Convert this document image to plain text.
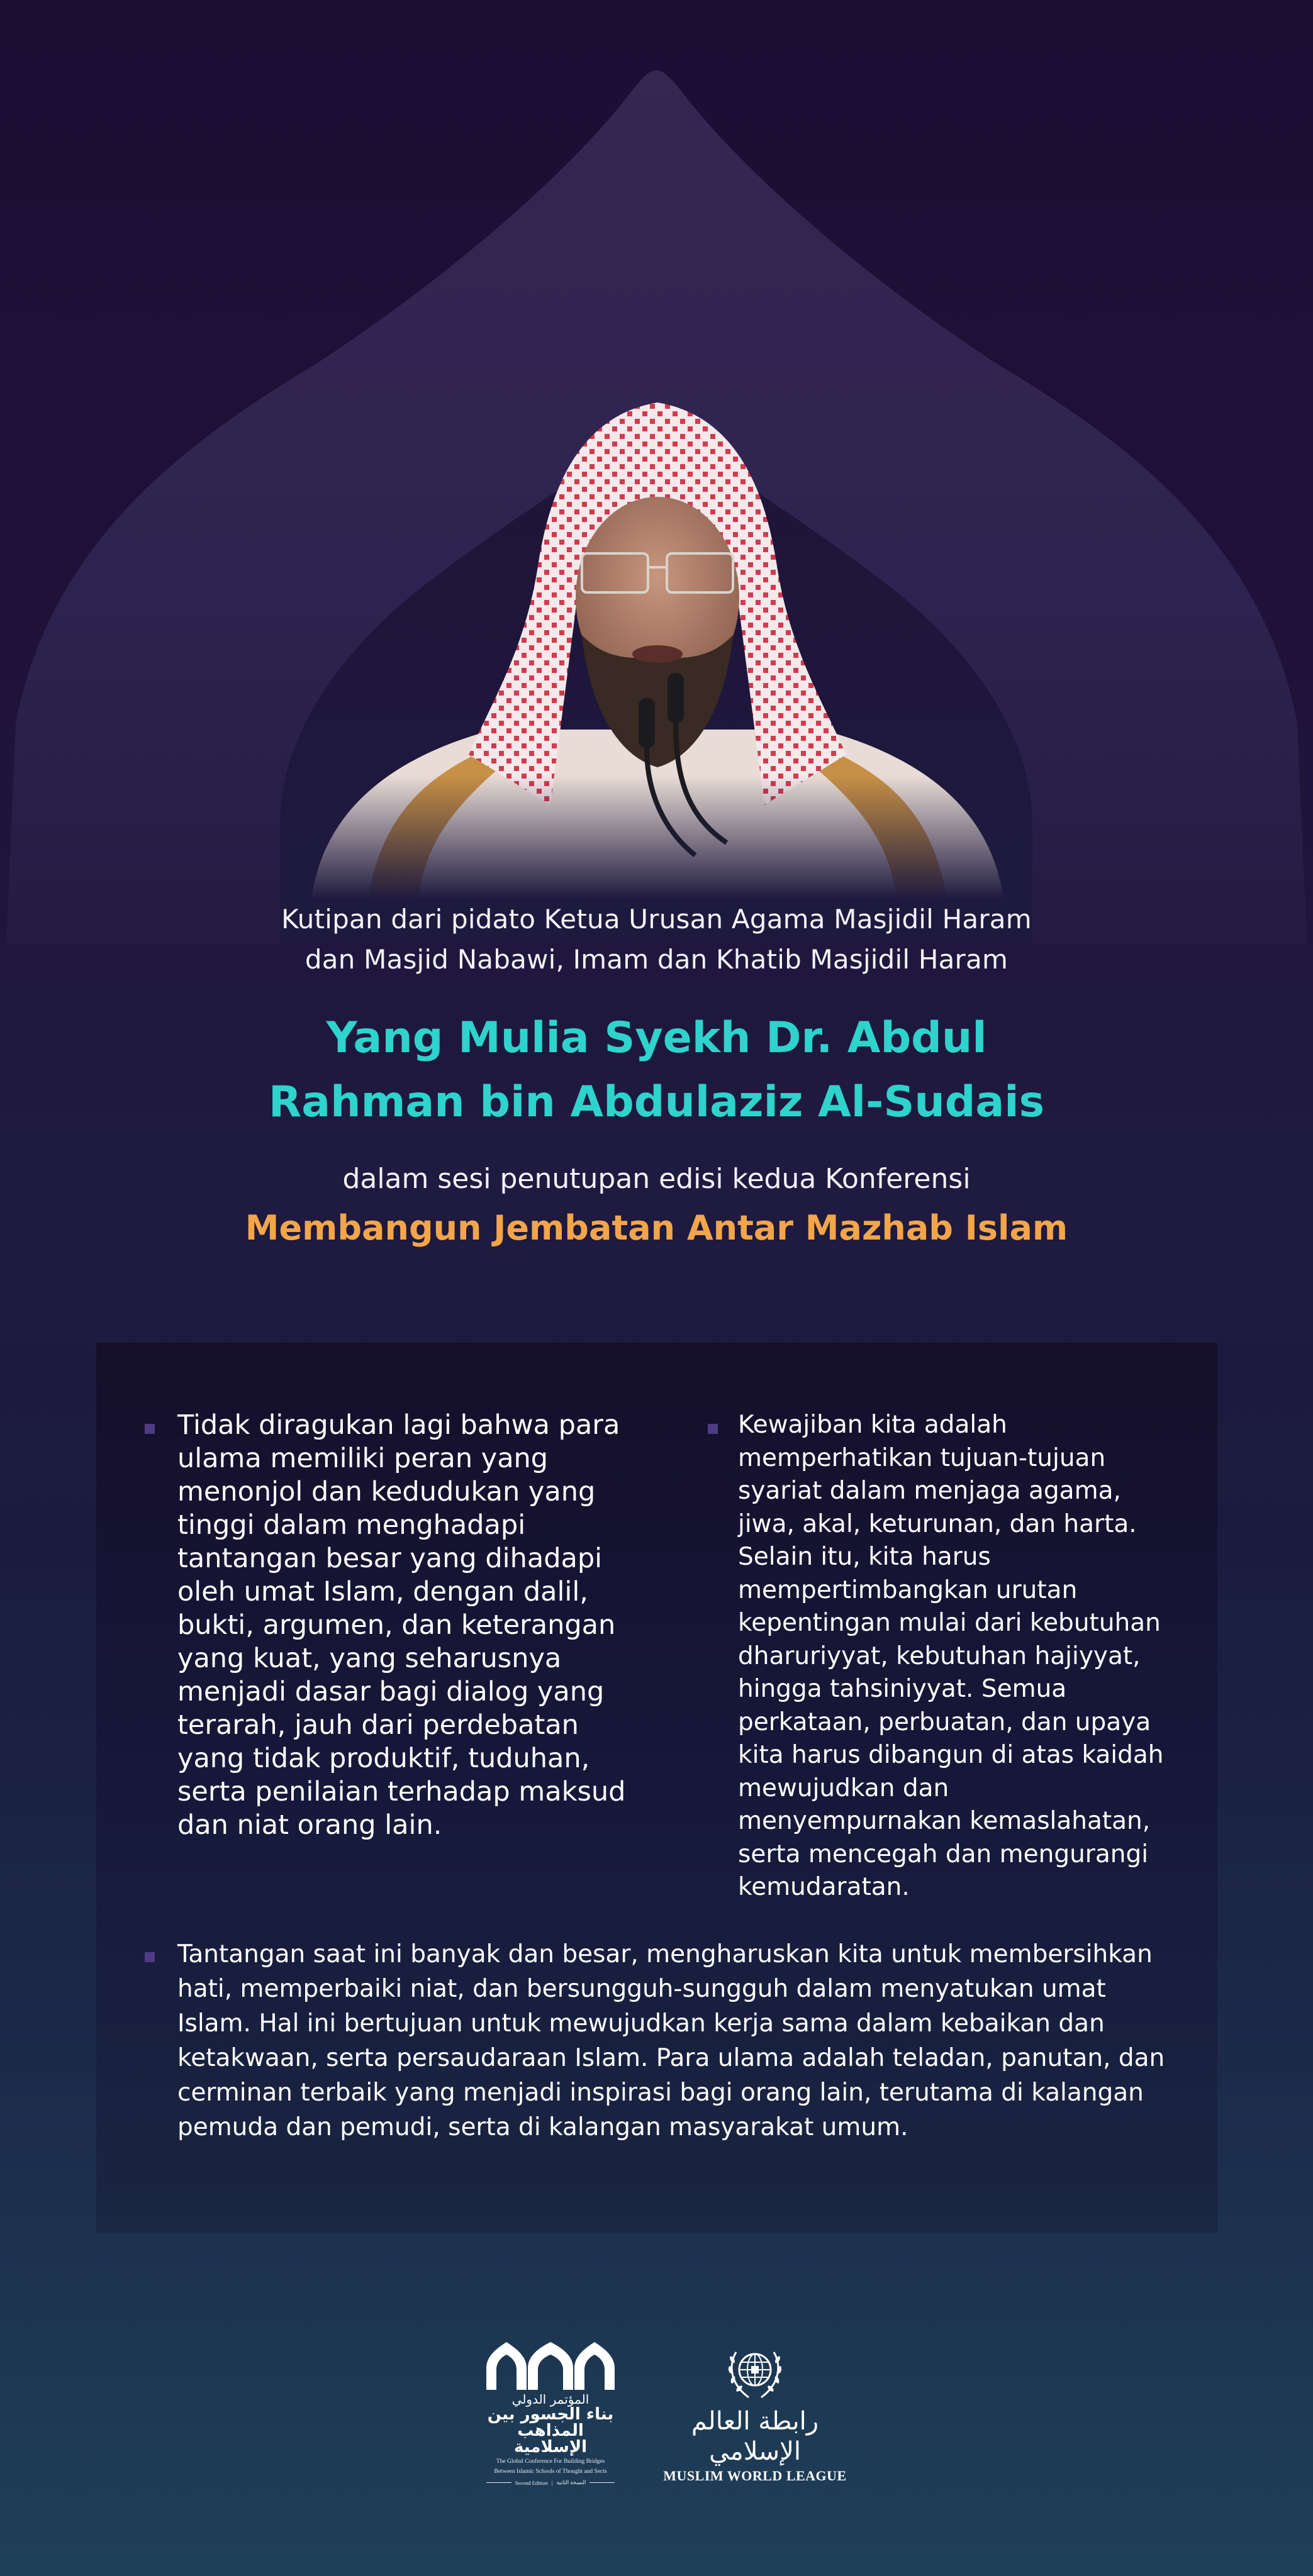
Kutipan dari pidato Ketua Urusan Agama Masjidil Haram
dan Masjid Nabawi, Imam dan Khatib Masjidil Haram
Yang Mulia Syekh Dr. Abdul
Rahman bin Abdulaziz Al-Sudais
dalam sesi penutupan edisi kedua Konferensi
Membangun Jembatan Antar Mazhab Islam
Tidak diragukan lagi bahwa para ulama memiliki peran yang menonjol dan kedudukan yang tinggi dalam menghadapi tantangan besar yang dihadapi oleh umat Islam, dengan dalil, bukti, argumen, dan keterangan yang kuat, yang seharusnya menjadi dasar bagi dialog yang terarah, jauh dari perdebatan yang tidak produktif, tuduhan, serta penilaian terhadap maksud dan niat orang lain.
Kewajiban kita adalah memperhatikan tujuan-tujuan syariat dalam menjaga agama, jiwa, akal, keturunan, dan harta. Selain itu, kita harus mempertimbangkan urutan kepentingan mulai dari kebutuhan dharuriyyat, kebutuhan hajiyyat, hingga tahsiniyyat. Semua perkataan, perbuatan, dan upaya kita harus dibangun di atas kaidah mewujudkan dan menyempurnakan kemaslahatan, serta mencegah dan mengurangi kemudaratan.
Tantangan saat ini banyak dan besar, mengharuskan kita untuk membersihkan hati, memperbaiki niat, dan bersungguh-sungguh dalam menyatukan umat Islam. Hal ini bertujuan untuk mewujudkan kerja sama dalam kebaikan dan ketakwaan, serta persaudaraan Islam. Para ulama adalah teladan, panutan, dan cerminan terbaik yang menjadi inspirasi bagi orang lain, terutama di kalangan pemuda dan pemudi, serta di kalangan masyarakat umum.
المؤتمر الدولي
بناء الجسور بين
المذاهب الإسلامية
The Global Conference For Building Bridges
Between Islamic Schools of Thought and Sects
Second Edition | النسخة الثانية
رابطة العالم الإسلامي
MUSLIM WORLD LEAGUE
